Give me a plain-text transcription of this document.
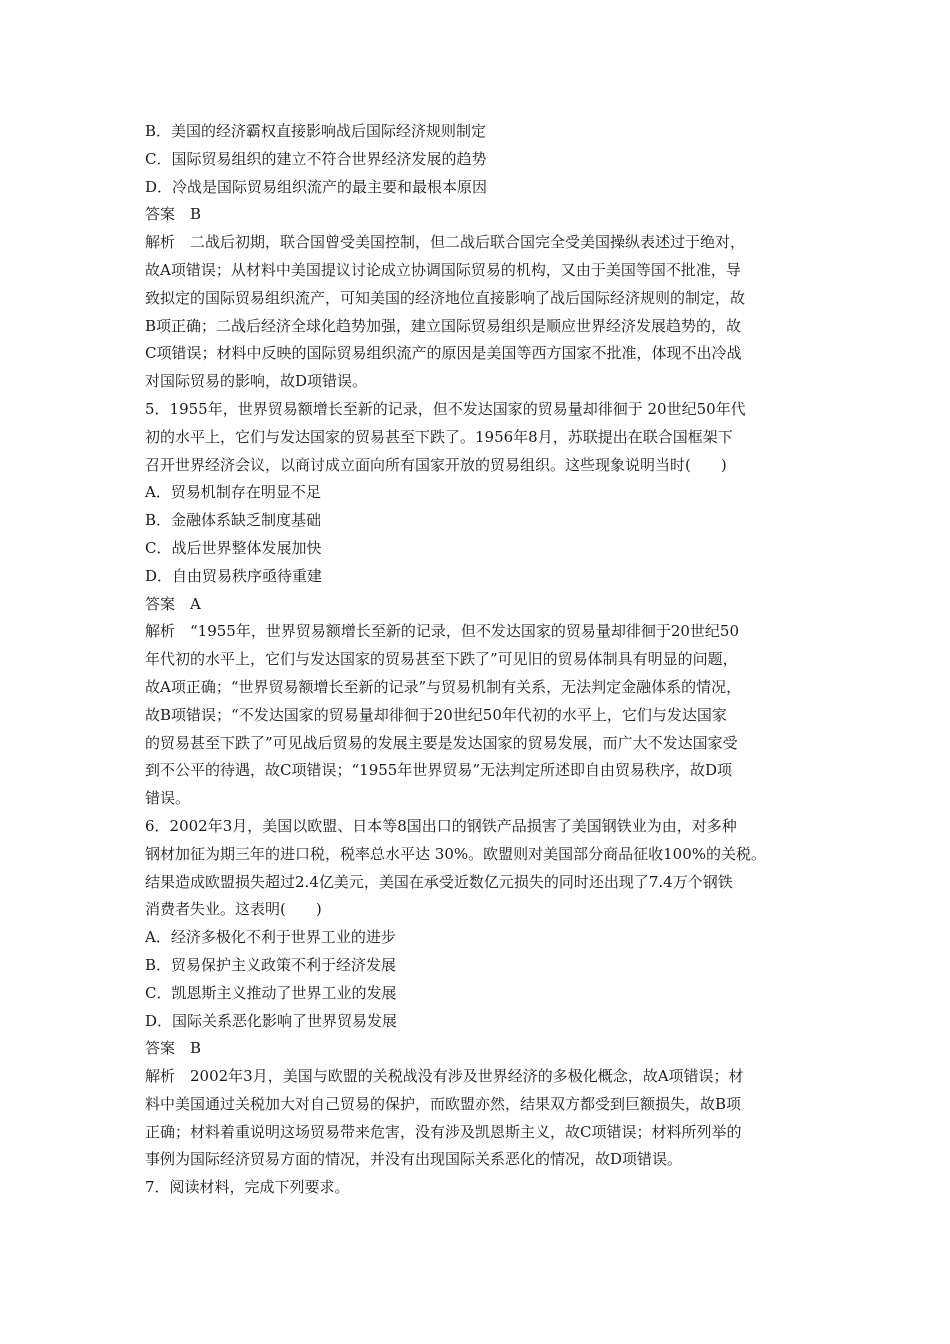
B．美国的经济霸权直接影响战后国际经济规则制定
C．国际贸易组织的建立不符合世界经济发展的趋势
D．冷战是国际贸易组织流产的最主要和最根本原因
答案　B
解析　二战后初期，联合国曾受美国控制，但二战后联合国完全受美国操纵表述过于绝对，
故A项错误；从材料中美国提议讨论成立协调国际贸易的机构，又由于美国等国不批准，导
致拟定的国际贸易组织流产，可知美国的经济地位直接影响了战后国际经济规则的制定，故
B项正确；二战后经济全球化趋势加强，建立国际贸易组织是顺应世界经济发展趋势的，故
C项错误；材料中反映的国际贸易组织流产的原因是美国等西方国家不批准，体现不出冷战
对国际贸易的影响，故D项错误。
5．1955年，世界贸易额增长至新的记录，但不发达国家的贸易量却徘徊于 20世纪50年代
初的水平上，它们与发达国家的贸易甚至下跌了。1956年8月，苏联提出在联合国框架下
召开世界经济会议，以商讨成立面向所有国家开放的贸易组织。这些现象说明当时(　　)
A．贸易机制存在明显不足
B．金融体系缺乏制度基础
C．战后世界整体发展加快
D．自由贸易秩序亟待重建
答案　A
解析　“1955年，世界贸易额增长至新的记录，但不发达国家的贸易量却徘徊于20世纪50
年代初的水平上，它们与发达国家的贸易甚至下跌了”可见旧的贸易体制具有明显的问题，
故A项正确；“世界贸易额增长至新的记录”与贸易机制有关系，无法判定金融体系的情况，
故B项错误；“不发达国家的贸易量却徘徊于20世纪50年代初的水平上，它们与发达国家
的贸易甚至下跌了”可见战后贸易的发展主要是发达国家的贸易发展，而广大不发达国家受
到不公平的待遇，故C项错误；“1955年世界贸易”无法判定所述即自由贸易秩序，故D项
错误。
6．2002年3月，美国以欧盟、日本等8国出口的钢铁产品损害了美国钢铁业为由，对多种
钢材加征为期三年的进口税，税率总水平达 30%。欧盟则对美国部分商品征收100%的关税。
结果造成欧盟损失超过2.4亿美元，美国在承受近数亿元损失的同时还出现了7.4万个钢铁
消费者失业。这表明(　　)
A．经济多极化不利于世界工业的进步
B．贸易保护主义政策不利于经济发展
C．凯恩斯主义推动了世界工业的发展
D．国际关系恶化影响了世界贸易发展
答案　B
解析　2002年3月，美国与欧盟的关税战没有涉及世界经济的多极化概念，故A项错误；材
料中美国通过关税加大对自己贸易的保护，而欧盟亦然，结果双方都受到巨额损失，故B项
正确；材料着重说明这场贸易带来危害，没有涉及凯恩斯主义，故C项错误；材料所列举的
事例为国际经济贸易方面的情况，并没有出现国际关系恶化的情况，故D项错误。
7．阅读材料，完成下列要求。
